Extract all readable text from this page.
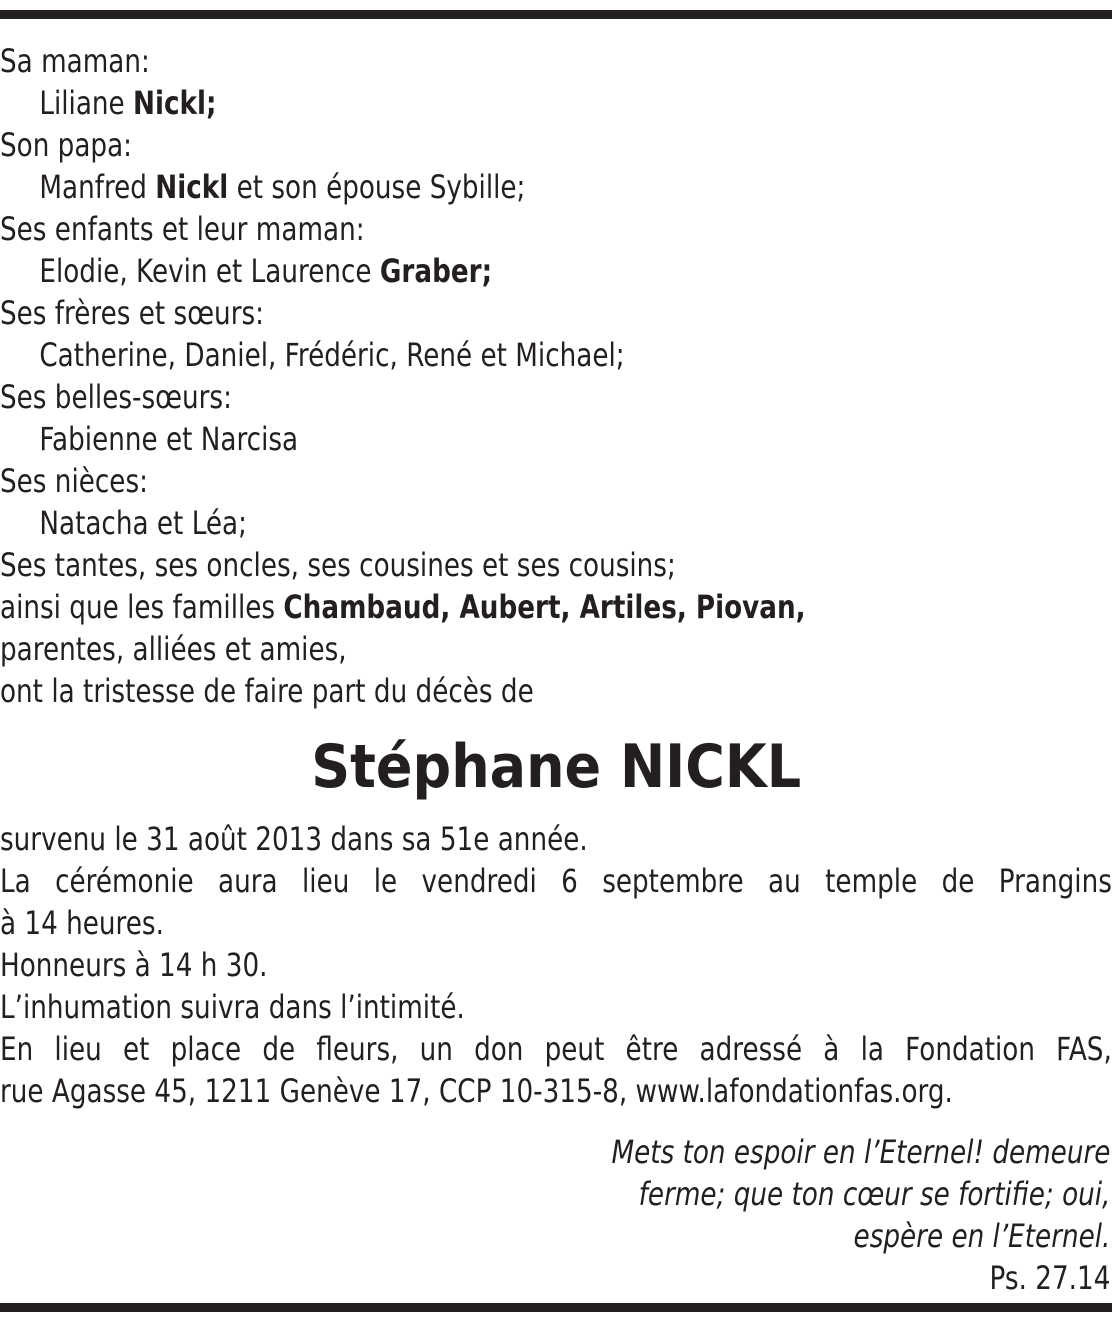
Sa maman:
Liliane Nickl;
Son papa:
Manfred Nickl et son épouse Sybille;
Ses enfants et leur maman:
Elodie, Kevin et Laurence Graber;
Ses frères et sœurs:
Catherine, Daniel, Frédéric, René et Michael;
Ses belles-sœurs:
Fabienne et Narcisa
Ses nièces:
Natacha et Léa;
Ses tantes, ses oncles, ses cousines et ses cousins;
ainsi que les familles Chambaud, Aubert, Artiles, Piovan,
parentes, alliées et amies,
ont la tristesse de faire part du décès de
Stéphane NICKL
survenu le 31 août 2013 dans sa 51e année.
La cérémonie aura lieu le vendredi 6 septembre au temple de Prangins
à 14 heures.
Honneurs à 14 h 30.
L’inhumation suivra dans l’intimité.
En lieu et place de fleurs, un don peut être adressé à la Fondation FAS,
rue Agasse 45, 1211 Genève 17, CCP 10-315-8, www.lafondationfas.org.
Mets ton espoir en l’Eternel! demeure
ferme; que ton cœur se fortifie; oui,
espère en l’Eternel.
Ps. 27.14
